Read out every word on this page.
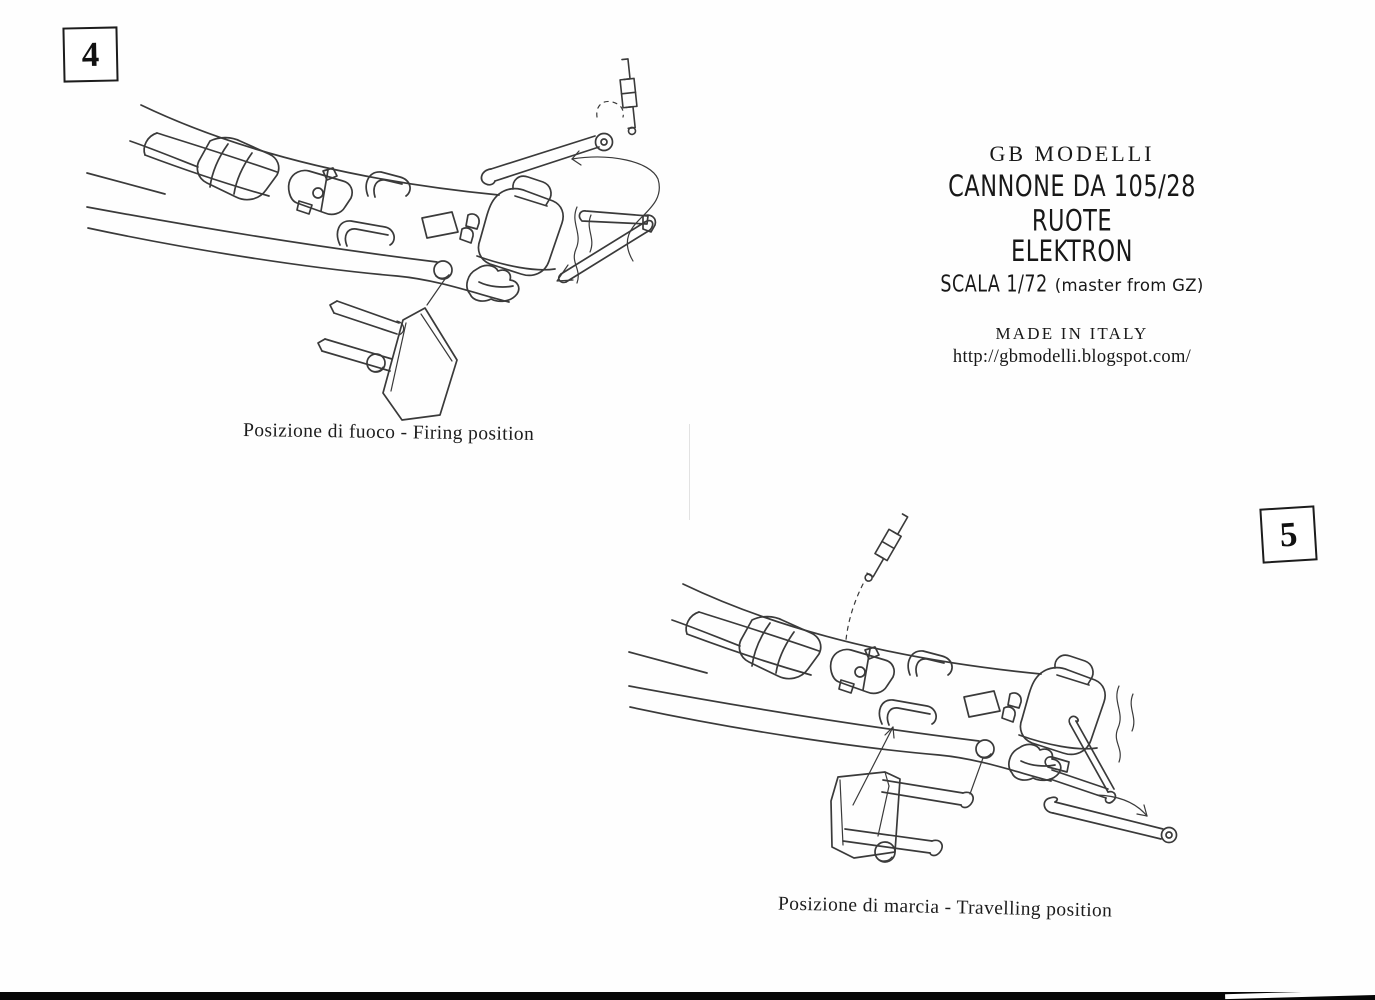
4
5
Posizione di fuoco - Firing position
Posizione di marcia - Travelling position
GB MODELLI
CANNONE DA 105/28 RUOTE
ELEKTRON
SCALA 1/72 (master from GZ)
MADE IN ITALY
http://gbmodelli.blogspot.com/
